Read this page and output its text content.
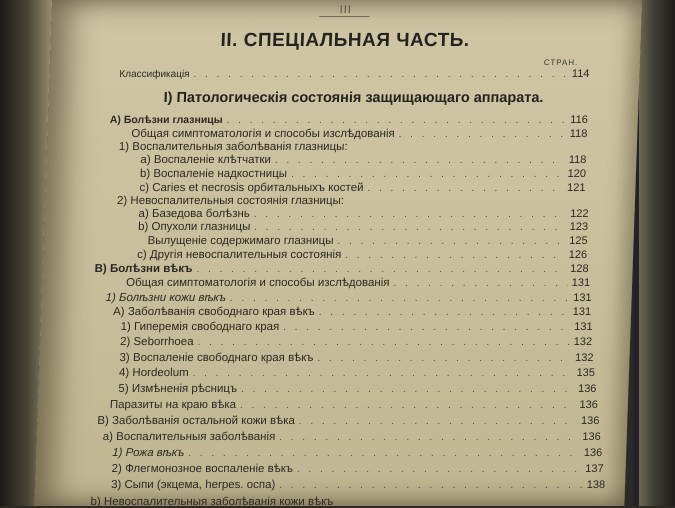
III
II. СПЕЦІАЛЬНАЯ ЧАСТЬ.
СТРАН.
Классификація . . .	114
I) Патологическія состоянія защищающаго аппарата.
A) Болѣзни глазницы . . .	116
Общая симптоматологія и способы изслѣдованія . . .	118
1) Воспалительныя заболѣванія глазницы:
a) Воспаленіе клѣтчатки . . .	118
b) Воспаленіе надкостницы . . .	120
c) Caries et necrosis орбитальныхъ костей . . .	121
2) Невоспалительныя состоянія глазницы:
a) Базедова болѣзнь . . .	122
b) Опухоли глазницы . . .	123
Вылущеніе содержимаго глазницы . . .	125
c) Другія невоспалительныя состоянія . . .	126
B) Болѣзни вѣкъ . . .	128
Общая симптоматологія и способы изслѣдованія . . .	131
1) Болѣзни кожи вѣкъ . . .	131
A) Заболѣванія свободнаго края вѣкъ . . .	131
1) Гиперемія свободнаго края . . .	131
2) Seborrhoea . . .	132
3) Воспаленіе свободнаго края вѣкъ . . .	132
4) Hordeolum . . .	135
5) Измѣненія рѣсницъ . . .	136
Паразиты на краю вѣка . . .	136
B) Заболѣванія остальной кожи вѣка . . .	136
a) Воспалительныя заболѣванія . . .	136
1) Рожа вѣкъ . . .	136
2) Флегмонозное воспаленіе вѣкъ . . .	137
3) Сыпи (экцема, herpes. оспа) . . .	138
b) Невоспалительныя заболѣванія кожи вѣкъ
